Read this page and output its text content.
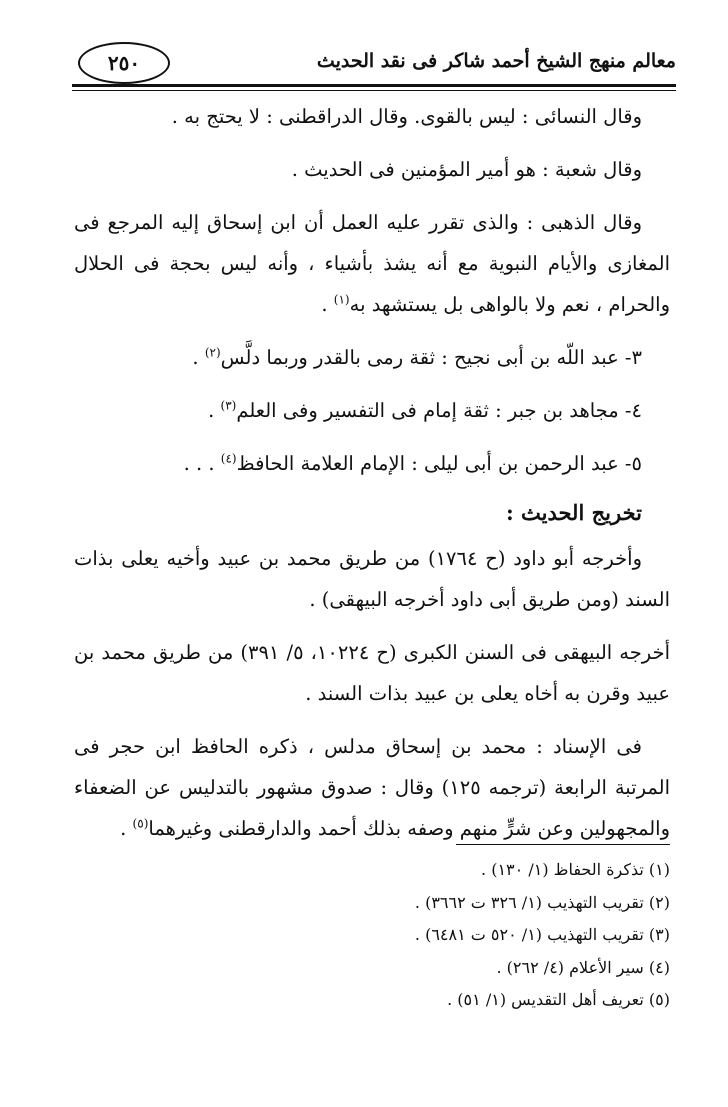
معالم منهج الشيخ أحمد شاكر فى نقد الحديث
٢٥٠

وقال النسائى : ليس بالقوى. وقال الدراقطنى : لا يحتج به .

وقال شعبة : هو أمير المؤمنين فى الحديث .

وقال الذهبى : والذى تقرر عليه العمل أن ابن إسحاق إليه المرجع فى المغازى والأيام النبوية مع أنه يشذ بأشياء ، وأنه ليس بحجة فى الحلال والحرام ، نعم ولا بالواهى بل يستشهد به$^{(١)}$ .

٣- عبد اللّه بن أبى نجيح : ثقة رمى بالقدر وربما دلَّس$^{(٢)}$ .

٤- مجاهد بن جبر : ثقة إمام فى التفسير وفى العلم$^{(٣)}$ .

٥- عبد الرحمن بن أبى ليلى : الإمام العلامة الحافظ$^{(٤)}$ . . .

تخريج الحديث :

وأخرجه أبو داود (ح ١٧٦٤) من طريق محمد بن عبيد وأخيه يعلى بذات السند (ومن طريق أبى داود أخرجه البيهقى) .

أخرجه البيهقى فى السنن الكبرى (ح ١٠٢٢٤، ٥/ ٣٩١) من طريق محمد بن عبيد وقرن به أخاه يعلى بن عبيد بذات السند .

فى الإسناد : محمد بن إسحاق مدلس ، ذكره الحافظ ابن حجر فى المرتبة الرابعة (ترجمه ١٢٥) وقال : صدوق مشهور بالتدليس عن الضعفاء والمجهولين وعن شرٍّ منهم وصفه بذلك أحمد والدارقطنى وغيرهما$^{(٥)}$ .

(١) تذكرة الحفاظ (١/ ١٣٠) .
(٢) تقريب التهذيب (١/ ٣٢٦ ت ٣٦٦٢) .
(٣) تقريب التهذيب (١/ ٥٢٠ ت ٦٤٨١) .
(٤) سير الأعلام (٤/ ٢٦٢) .
(٥) تعريف أهل التقديس (١/ ٥١) .
